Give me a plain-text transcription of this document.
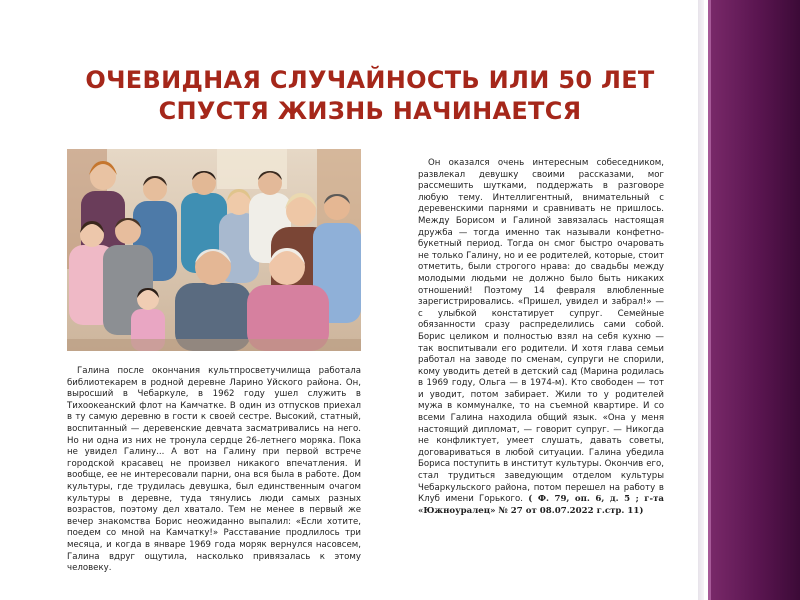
ОЧЕВИДНАЯ СЛУЧАЙНОСТЬ ИЛИ 50 ЛЕТ
СПУСТЯ ЖИЗНЬ НАЧИНАЕТСЯ

Галина после окончания культпросветучилища работала библиотекарем в родной деревне Ларино Уйского района. Он, выросший в Чебаркуле, в 1962 году ушел служить в Тихоокеанский флот на Камчатке. В один из отпусков приехал в ту самую деревню в гости к своей сестре. Высокий, статный, воспитанный — деревенские девчата засматривались на него. Но ни одна из них не тронула сердце 26-летнего моряка. Пока не увидел Галину... А вот на Галину при первой встрече городской красавец не произвел никакого впечатления. И вообще, ее не интересовали парни, она вся была в работе. Дом культуры, где трудилась девушка, был единственным очагом культуры в деревне, туда тянулись люди самых разных возрастов, поэтому дел хватало. Тем не менее в первый же вечер знакомства Борис неожиданно выпалил: «Если хотите, поедем со мной на Камчатку!» Расставание продлилось три месяца, и когда в январе 1969 года моряк вернулся насовсем, Галина вдруг ощутила, насколько привязалась к этому человеку.

Он оказался очень интересным собеседником, развлекал девушку своими рассказами, мог рассмешить шутками, поддержать в разговоре любую тему. Интеллигентный, внимательный с деревенскими парнями и сравнивать не пришлось. Между Борисом и Галиной завязалась настоящая дружба — тогда именно так называли конфетно-букетный период. Тогда он смог быстро очаровать не только Галину, но и ее родителей, которые, стоит отметить, были строгого нрава: до свадьбы между молодыми людьми не должно было быть никаких отношений! Поэтому 14 февраля влюбленные зарегистрировались. «Пришел, увидел и забрал!» — с улыбкой констатирует супруг. Семейные обязанности сразу распределились сами собой. Борис целиком и полностью взял на себя кухню — так воспитывали его родители. И хотя глава семьи работал на заводе по сменам, супруги не спорили, кому уводить детей в детский сад (Марина родилась в 1969 году, Ольга — в 1974-м). Кто свободен — тот и уводит, потом забирает. Жили то у родителей мужа в коммуналке, то на съемной квартире. И со всеми Галина находила общий язык. «Она у меня настоящий дипломат, — говорит супруг. — Никогда не конфликтует, умеет слушать, давать советы, договариваться в любой ситуации. Галина убедила Бориса поступить в институт культуры. Окончив его, стал трудиться заведующим отделом культуры Чебаркульского района, потом перешел на работу в Клуб имени Горького. ( Ф. 79, оп. 6, д. 5 ; г-та «Южноуралец» № 27 от 08.07.2022 г.стр. 11)
